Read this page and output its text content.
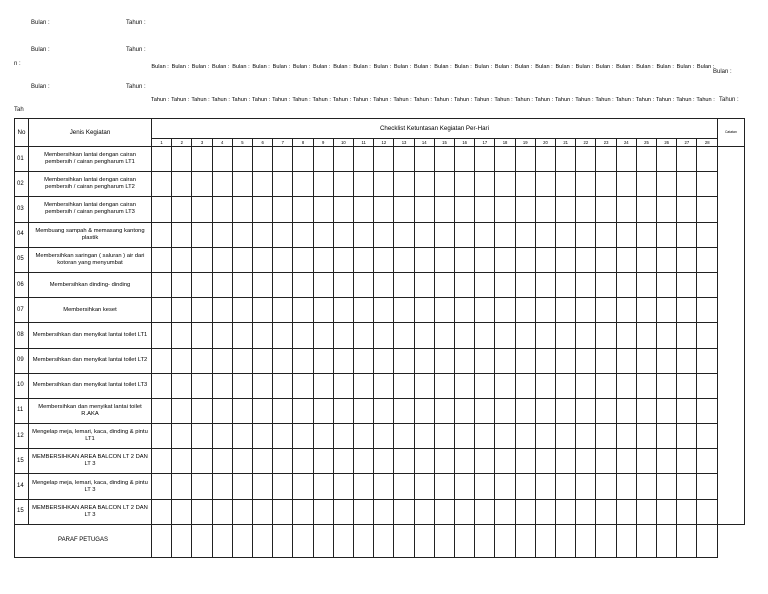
Bulan :	Tahun :
Bulan :	Tahun :
n :
Bulan :	Tahun :
Tah
Bulan : Bulan : Bulan : Bulan : Bulan : Bulan : Bulan : Bulan : Bulan : Bulan : Bulan : Bulan : Bulan : Bulan : Bulan : Bulan : Bulan : Bulan : Bulan : Bulan : Bulan : Bulan : Bulan : Bulan : Bulan : Bulan : Bulan : Bulan :
Bulan :
Tahun : Tahun : Tahun : Tahun : Tahun : Tahun : Tahun : Tahun : Tahun : Tahun : Tahun : Tahun : Tahun : Tahun : Tahun : Tahun : Tahun : Tahun : Tahun : Tahun : Tahun : Tahun : Tahun : Tahun : Tahun : Tahun : Tahun : Tahun : Tahun :
No	Jenis Kegiatan	Checklist Ketuntasan Kegiatan Per-Hari																												Catatan
		1	2	3	4	5	6	7	8	9	10	11	12	13	14	15	16	17	18	19	20	21	22	23	24	25	26	27	28	
01	Membersihkan lantai dengan cairan pembersih / cairan pengharum LT1																													
02	Membersihkan lantai dengan cairan pembersih / cairan pengharum LT2																													
03	Membersihkan lantai dengan cairan pembersih / cairan pengharum LT3																													
04	Membuang sampah & memasang kantong plastik																													
05	Membersihkan saringan ( saluran ) air dari kotoran yang menyumbat																													
06	Membersihkan dinding- dinding																													
07	Membersihkan keset																													
08	Membersihkan dan menyikat lantai toilet LT1																													
09	Membersihkan dan menyikat lantai toilet LT2																													
10	Membersihkan dan menyikat lantai toilet LT3																													
11	Membersihkan dan menyikat lantai toilet R.AKA																													
12	Mengelap meja, lemari, kaca, dinding & pintu LT1																													
15	MEMBERSIHKAN AREA BALCON LT 2 DAN LT 3																													
14	Mengelap meja, lemari, kaca, dinding & pintu LT 3																													
15	MEMBERSIHKAN AREA BALCON LT 2 DAN LT 3																													
PARAF PETUGAS																														
